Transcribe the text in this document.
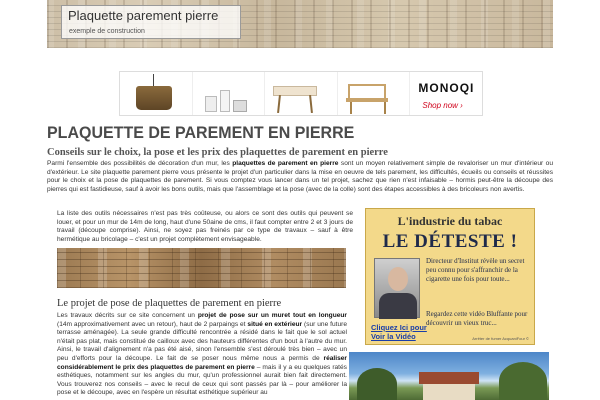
Plaquette parement pierre
exemple de construction
MONOQI
Shop now ›
PLAQUETTE DE PAREMENT EN PIERRE
Conseils sur le choix, la pose et les prix des plaquettes de parement en pierre

Parmi l'ensemble des possibilités de décoration d'un mur, les plaquettes de parement en pierre sont un moyen relativement simple de revaloriser un mur d'intérieur ou d'extérieur. Le site plaquette parement pierre vous présente le projet d'un particulier dans la mise en oeuvre de tels parement, les difficultés, écueils ou conseils et réussites pour le choix et la pose de plaquettes de parement. Si vous comptez vous lancer dans un tel projet, sachez que rien n'est infaisable – hormis peut-être la découpe des pierres qui est fastidieuse, sauf à avoir les bons outils, mais que l'assemblage et la pose (avec de la colle) sont des étapes accessibles à des bricoleurs non avertis.

La liste des outils nécessaires n'est pas très coûteuse, ou alors ce sont des outils qui peuvent se louer, et pour un mur de 14m de long, haut d'une 50aine de cms, il faut compter entre 2 et 3 jours de travail (découpe comprise). Ainsi, ne soyez pas freinés par ce type de travaux – sauf à être hermétique au bricolage – c'est un projet complètement envisageable.

Le projet de pose de plaquettes de parement en pierre

Les travaux décrits sur ce site concernent un projet de pose sur un muret tout en longueur (14m approximativement avec un retour), haut de 2 parpaings et situé en extérieur (sur une future terrasse aménagée). La seule grande difficulté rencontrée a résidé dans le fait que le sol actuel n'était pas plat, mais constitué de cailloux avec des hauteurs différentes d'un bout à l'autre du mur. Ainsi, le travail d'alignement n'a pas été aisé, sinon l'ensemble s'est déroulé très bien – avec un peu d'efforts pour la découpe. Le fait de se poser nous même nous a permis de réaliser considérablement le prix des plaquettes de parement en pierre – mais il y a eu quelques ratés esthétiques, notamment sur les angles du mur, qu'un professionnel aurait bien fait directement. Vous trouverez nos conseils – avec le recul de ceux qui sont passés par là – pour améliorer la pose et le découpe, avec en l'espère un résultat esthétique supérieur au

L'industrie du tabac
LE DÉTESTE !
Directeur d'Institut révèle un secret peu connu pour s'affranchir de la cigarette une fois pour toute...
Regardez cette vidéo Bluffante pour découvrir un vieux truc...
Cliquez Ici pour Voir la Vidéo	Arrêter de fumer AcquaniFour ©
